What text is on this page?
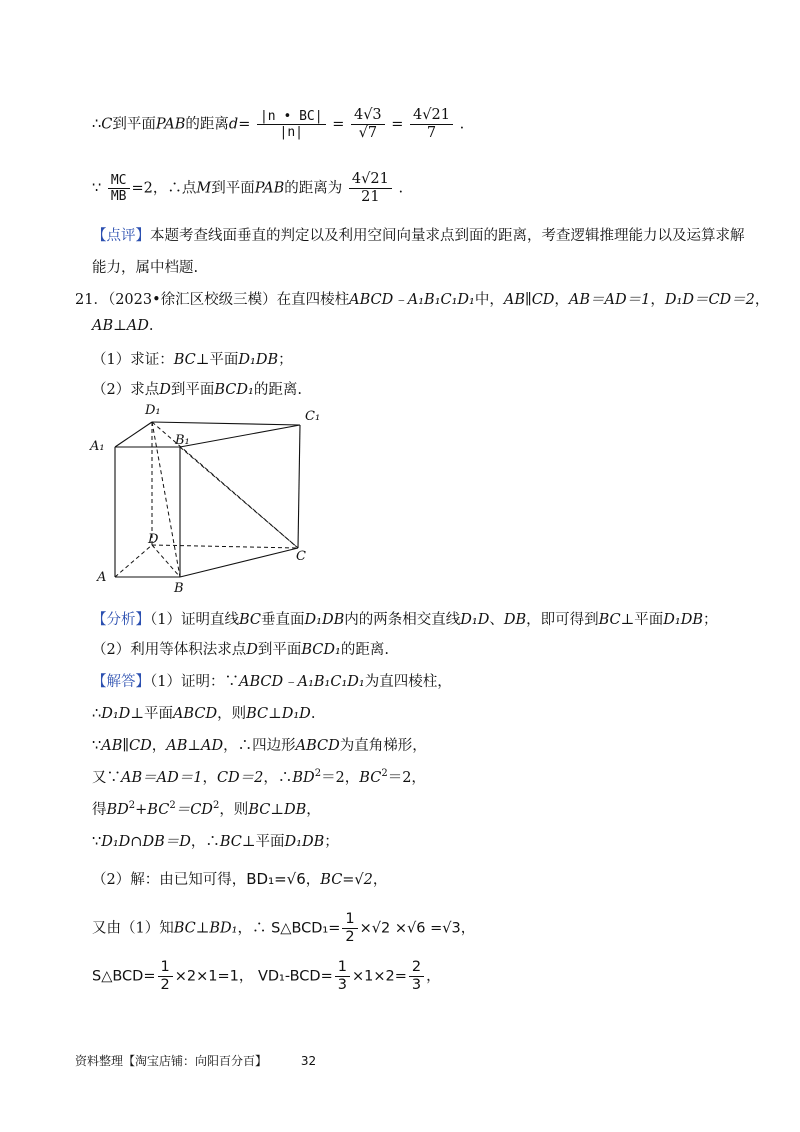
∴C到平面PAB的距离$d= \frac{|n • BC|}{|n|} = \frac{4√3}{√7} = \frac{4√21}{7}$ .
∵ $\frac{MC}{MB} =2$，∴点M到平面PAB的距离为 $\frac{4√21}{21}$ .
【点评】本题考查线面垂直的判定以及利用空间向量求点到面的距离，考查逻辑推理能力以及运算求解
能力，属中档题.
21．（2023•徐汇区校级三模）在直四棱柱ABCD﹣A₁B₁C₁D₁中，AB∥CD，AB＝AD＝1，D₁D＝CD＝2，
AB⊥AD.
（1）求证：BC⊥平面D₁DB；
（2）求点D到平面BCD₁的距离.
D₁	C₁
A₁	B₁
D
C
A
B
【分析】（1）证明直线BC垂直面D₁DB内的两条相交直线D₁D、DB，即可得到BC⊥平面D₁DB；
（2）利用等体积法求点D到平面BCD₁的距离.
【解答】（1）证明：∵ABCD﹣A₁B₁C₁D₁为直四棱柱，
∴D₁D⊥平面ABCD，则BC⊥D₁D.
∵AB∥CD，AB⊥AD，∴四边形ABCD为直角梯形，
又∵AB＝AD＝1，CD＝2，$\therefore BD^2=2$，$BC^2=2$，
得$BD^2+BC^2=CD^2$，则BC⊥DB，
∵D₁D∩DB＝D，∴BC⊥平面D₁DB；
（2）解：由已知可得，BD₁=√6，BC=√2，
又由（1）知BC⊥BD₁，∴ S△BCD₁= $\frac{1}{2} \times√2 \times√6 =√3$，
S△BCD= $\frac{1}{2} \times 2\times 1=1$， $VD_1-BCD= \frac{1}{3} \times 1\times 2= \frac{2}{3}$ ，
资料整理【淘宝店铺：向阳百分百】	32
